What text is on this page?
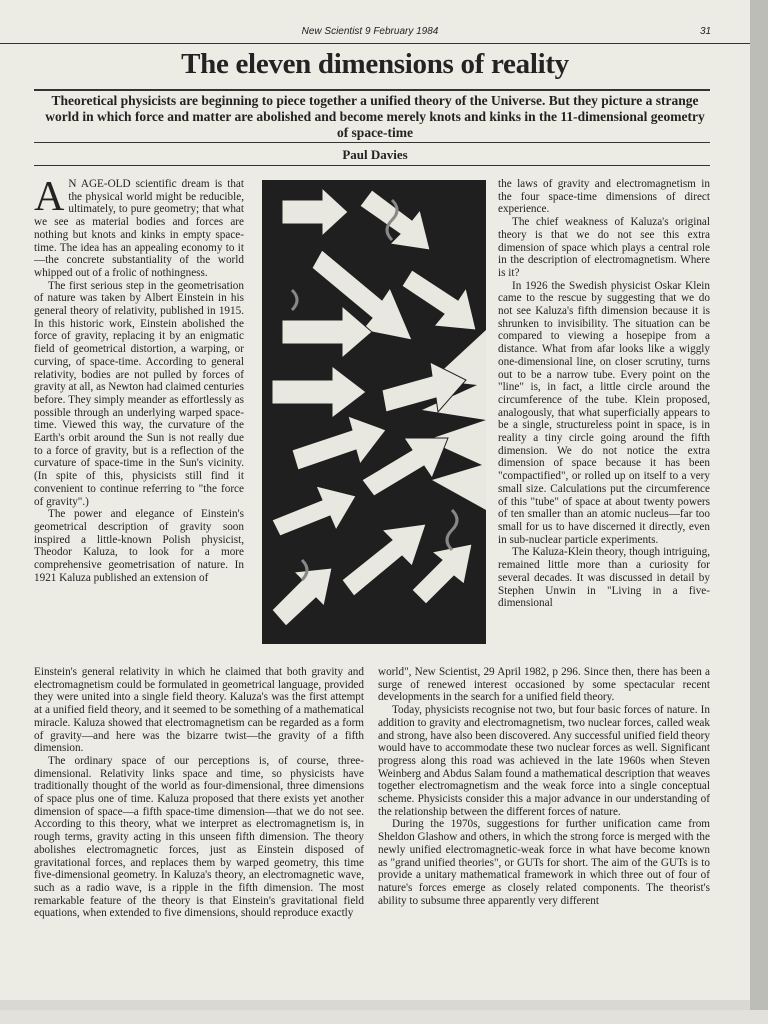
New Scientist 9 February 1984	31
The eleven dimensions of reality
Theoretical physicists are beginning to piece together a unified theory of the Universe. But they picture a strange world in which force and matter are abolished and become merely knots and kinks in the 11-dimensional geometry of space-time
Paul Davies

A N AGE-OLD scientific dream is that the physical world might be reducible, ultimately, to pure geometry; that what we see as material bodies and forces are nothing but knots and kinks in empty space-time. The idea has an appealing economy to it—the concrete substantiality of the world whipped out of a frolic of nothingness.

The first serious step in the geometrisation of nature was taken by Albert Einstein in his general theory of relativity, published in 1915. In this historic work, Einstein abolished the force of gravity, replacing it by an enigmatic field of geometrical distortion, a warping, or curving, of space-time. According to general relativity, bodies are not pulled by forces of gravity at all, as Newton had claimed centuries before. They simply meander as effortlessly as possible through an underlying warped space-time. Viewed this way, the curvature of the Earth's orbit around the Sun is not really due to a force of gravity, but is a reflection of the curvature of space-time in the Sun's vicinity. (In spite of this, physicists still find it convenient to continue referring to "the force of gravity".)

The power and elegance of Einstein's geometrical description of gravity soon inspired a little-known Polish physicist, Theodor Kaluza, to look for a more comprehensive geometrisation of nature. In 1921 Kaluza published an extension of

the laws of gravity and electromagnetism in the four space-time dimensions of direct experience.

The chief weakness of Kaluza's original theory is that we do not see this extra dimension of space which plays a central role in the description of electromagnetism. Where is it?

In 1926 the Swedish physicist Oskar Klein came to the rescue by suggesting that we do not see Kaluza's fifth dimension because it is shrunken to invisibility. The situation can be compared to viewing a hosepipe from a distance. What from afar looks like a wiggly one-dimensional line, on closer scrutiny, turns out to be a narrow tube. Every point on the "line" is, in fact, a little circle around the circumference of the tube. Klein proposed, analogously, that what superficially appears to be a single, structureless point in space, is in reality a tiny circle going around the fifth dimension. We do not notice the extra dimension of space because it has been "compactified", or rolled up on itself to a very small size. Calculations put the circumference of this "tube" of space at about twenty powers of ten smaller than an atomic nucleus—far too small for us to have discerned it directly, even in sub-nuclear particle experiments.

The Kaluza-Klein theory, though intriguing, remained little more than a curiosity for several decades. It was discussed in detail by Stephen Unwin in "Living in a five-dimensional

Einstein's general relativity in which he claimed that both gravity and electromagnetism could be formulated in geometrical language, provided they were united into a single field theory. Kaluza's was the first attempt at a unified field theory, and it seemed to be something of a mathematical miracle. Kaluza showed that electromagnetism can be regarded as a form of gravity—and here was the bizarre twist—the gravity of a fifth dimension.

The ordinary space of our perceptions is, of course, three-dimensional. Relativity links space and time, so physicists have traditionally thought of the world as four-dimensional, three dimensions of space plus one of time. Kaluza proposed that there exists yet another dimension of space—a fifth space-time dimension—that we do not see. According to this theory, what we interpret as electromagnetism is, in rough terms, gravity acting in this unseen fifth dimension. The theory abolishes electromagnetic forces, just as Einstein disposed of gravitational forces, and replaces them by warped geometry, this time five-dimensional geometry. In Kaluza's theory, an electromagnetic wave, such as a radio wave, is a ripple in the fifth dimension. The most remarkable feature of the theory is that Einstein's gravitational field equations, when extended to five dimensions, should reproduce exactly

world", New Scientist, 29 April 1982, p 296. Since then, there has been a surge of renewed interest occasioned by some spectacular recent developments in the search for a unified field theory.

Today, physicists recognise not two, but four basic forces of nature. In addition to gravity and electromagnetism, two nuclear forces, called weak and strong, have also been discovered. Any successful unified field theory would have to accommodate these two nuclear forces as well. Significant progress along this road was achieved in the late 1960s when Steven Weinberg and Abdus Salam found a mathematical description that weaves together electromagnetism and the weak force into a single conceptual scheme. Physicists consider this a major advance in our understanding of the relationship between the different forces of nature.

During the 1970s, suggestions for further unification came from Sheldon Glashow and others, in which the strong force is merged with the newly unified electromagnetic-weak force in what have become known as "grand unified theories", or GUTs for short. The aim of the GUTs is to provide a unitary mathematical framework in which three out of four of nature's forces emerge as closely related components. The theorist's ability to subsume three apparently very different
